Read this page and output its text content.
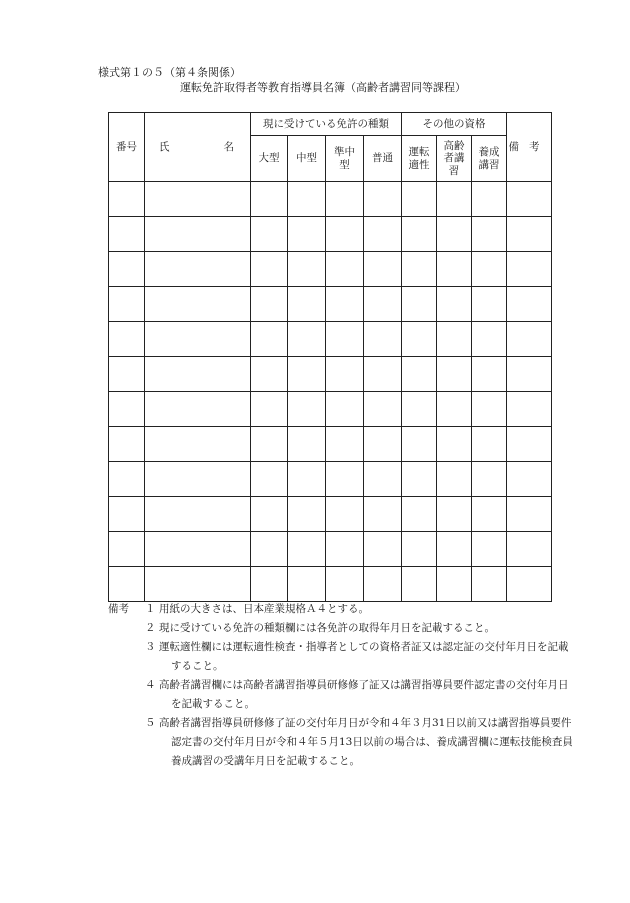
様式第１の５（第４条関係）
運転免許取得者等教育指導員名簿（高齢者講習同等課程）
番号	氏 名	現に受けている免許の種類				その他の資格			備考
		大型	中型	準中型	普通	運転適性	高齢者講習	養成講習	

備考 １ 用紙の大きさは、日本産業規格Ａ４とする。
２ 現に受けている免許の種類欄には各免許の取得年月日を記載すること。
３ 運転適性欄には運転適性検査・指導者としての資格者証又は認定証の交付年月日を記載すること。
４ 高齢者講習欄には高齢者講習指導員研修修了証又は講習指導員要件認定書の交付年月日を記載すること。
５ 高齢者講習指導員研修修了証の交付年月日が令和４年３月31日以前又は講習指導員要件認定書の交付年月日が令和４年５月13日以前の場合は、養成講習欄に運転技能検査員養成講習の受講年月日を記載すること。
